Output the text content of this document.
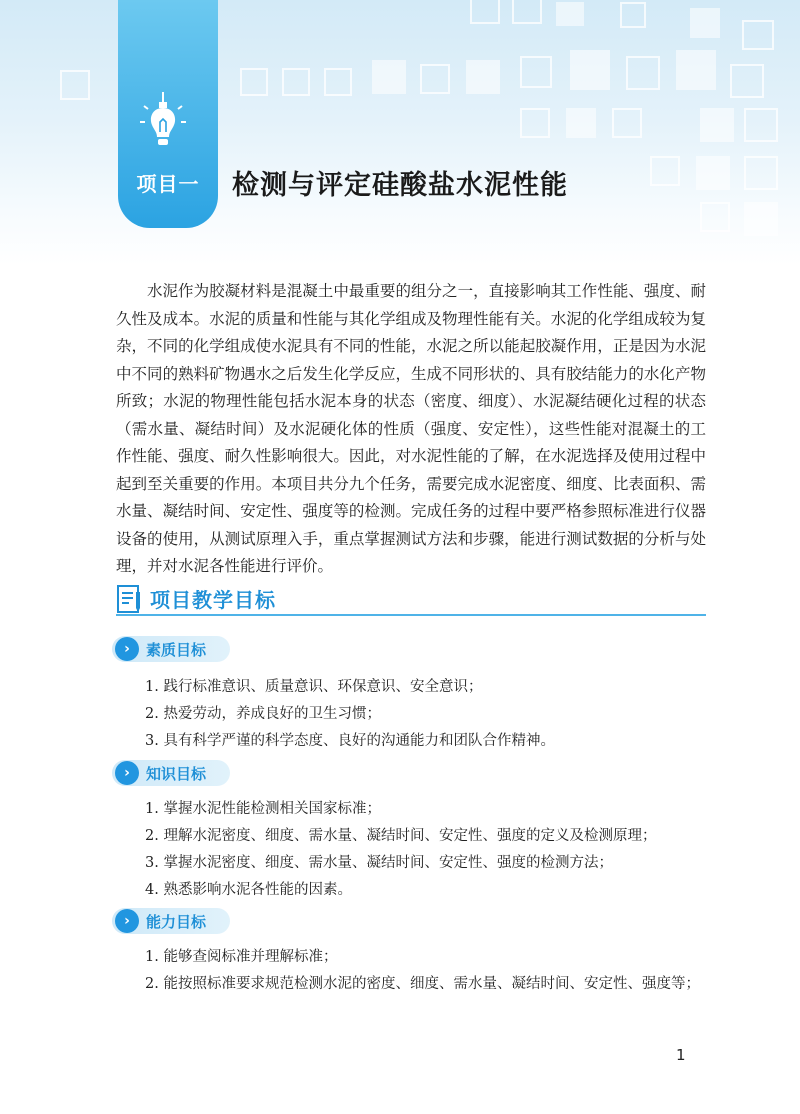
项目一	检测与评定硅酸盐水泥性能

水泥作为胶凝材料是混凝土中最重要的组分之一，直接影响其工作性能、强度、耐久性及成本。水泥的质量和性能与其化学组成及物理性能有关。水泥的化学组成较为复杂，不同的化学组成使水泥具有不同的性能，水泥之所以能起胶凝作用，正是因为水泥中不同的熟料矿物遇水之后发生化学反应，生成不同形状的、具有胶结能力的水化产物所致；水泥的物理性能包括水泥本身的状态（密度、细度）、水泥凝结硬化过程的状态（需水量、凝结时间）及水泥硬化体的性质（强度、安定性），这些性能对混凝土的工作性能、强度、耐久性影响很大。因此，对水泥性能的了解，在水泥选择及使用过程中起到至关重要的作用。本项目共分九个任务，需要完成水泥密度、细度、比表面积、需水量、凝结时间、安定性、强度等的检测。完成任务的过程中要严格参照标准进行仪器设备的使用，从测试原理入手，重点掌握测试方法和步骤，能进行测试数据的分析与处理，并对水泥各性能进行评价。

项目教学目标
›	素质目标
1. 践行标准意识、质量意识、环保意识、安全意识；
2. 热爱劳动，养成良好的卫生习惯；
3. 具有科学严谨的科学态度、良好的沟通能力和团队合作精神。
›	知识目标
1. 掌握水泥性能检测相关国家标准；
2. 理解水泥密度、细度、需水量、凝结时间、安定性、强度的定义及检测原理；
3. 掌握水泥密度、细度、需水量、凝结时间、安定性、强度的检测方法；
4. 熟悉影响水泥各性能的因素。
›	能力目标
1. 能够查阅标准并理解标准；
2. 能按照标准要求规范检测水泥的密度、细度、需水量、凝结时间、安定性、强度等；
1
